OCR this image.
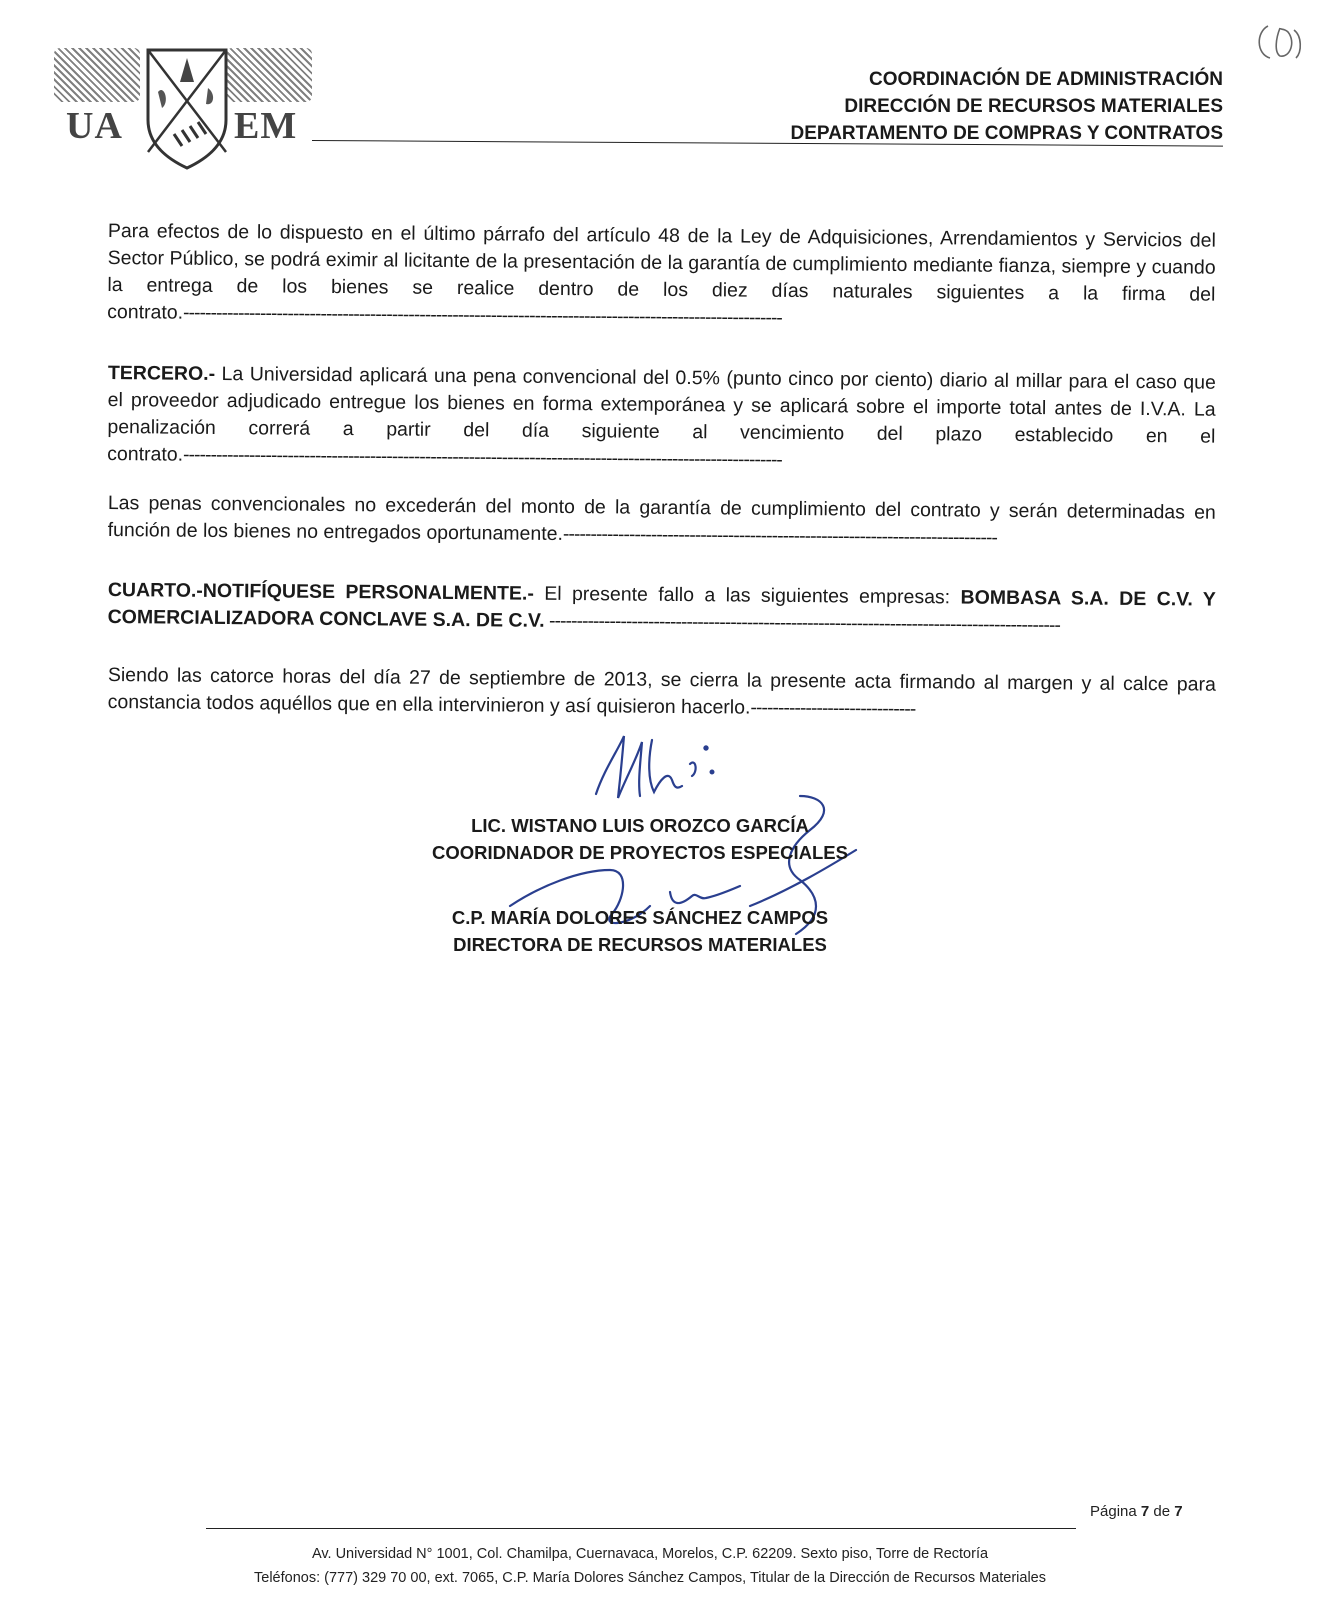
UA	EM
COORDINACIÓN DE ADMINISTRACIÓN
DIRECCIÓN DE RECURSOS MATERIALES
DEPARTAMENTO DE COMPRAS Y CONTRATOS
Para efectos de lo dispuesto en el último párrafo del artículo 48 de la Ley de Adquisiciones, Arrendamientos y Servicios del Sector Público, se podrá eximir al licitante de la presentación de la garantía de cumplimiento mediante fianza, siempre y cuando la entrega de los bienes se realice dentro de los diez días naturales siguientes a la firma del contrato.-------------------------------------------------------------------------------------------------------------
TERCERO.- La Universidad aplicará una pena convencional del 0.5% (punto cinco por ciento) diario al millar para el caso que el proveedor adjudicado entregue los bienes en forma extemporánea y se aplicará sobre el importe total antes de I.V.A. La penalización correrá a partir del día siguiente al vencimiento del plazo establecido en el contrato.-------------------------------------------------------------------------------------------------------------
Las penas convencionales no excederán del monto de la garantía de cumplimiento del contrato y serán determinadas en función de los bienes no entregados oportunamente.-------------------------------------------------------------------------------
CUARTO.-NOTIFÍQUESE PERSONALMENTE.- El presente fallo a las siguientes empresas: BOMBASA S.A. DE C.V. Y COMERCIALIZADORA CONCLAVE S.A. DE C.V. ---------------------------------------------------------------------------------------------
Siendo las catorce horas del día 27 de septiembre de 2013, se cierra la presente acta firmando al margen y al calce para constancia todos aquéllos que en ella intervinieron y así quisieron hacerlo.------------------------------
LIC. WISTANO LUIS OROZCO GARCÍA
COORIDNADOR DE PROYECTOS ESPECIALES
C.P. MARÍA DOLORES SÁNCHEZ CAMPOS
DIRECTORA DE RECURSOS MATERIALES
Página 7 de 7
Av. Universidad N° 1001, Col. Chamilpa, Cuernavaca, Morelos, C.P. 62209. Sexto piso, Torre de Rectoría
Teléfonos: (777) 329 70 00, ext. 7065, C.P. María Dolores Sánchez Campos, Titular de la Dirección de Recursos Materiales
